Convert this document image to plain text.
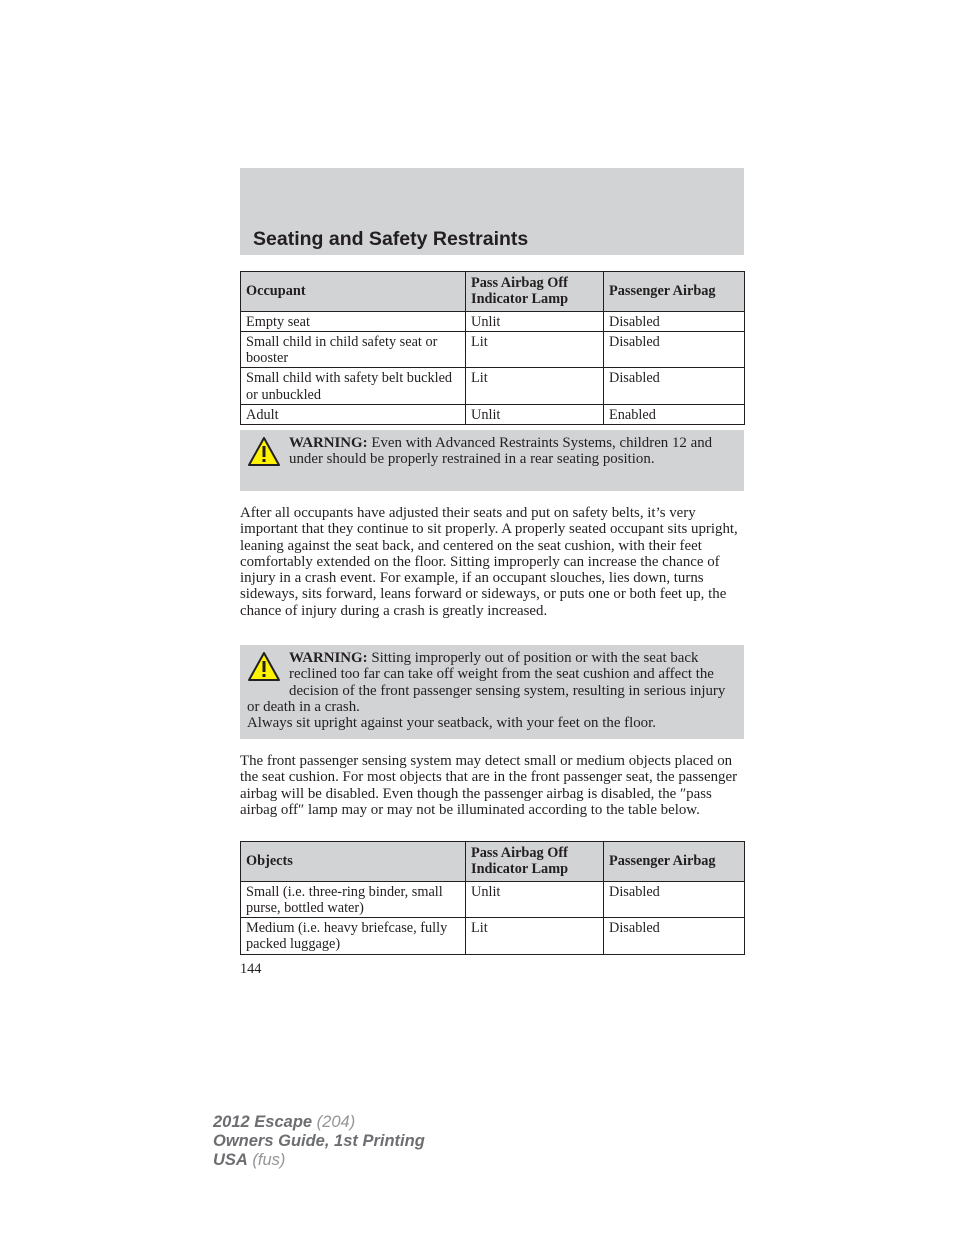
Seating and Safety Restraints
Occupant	Pass Airbag Off Indicator Lamp	Passenger Airbag
Empty seat	Unlit	Disabled
Small child in child safety seat or booster	Lit	Disabled
Small child with safety belt buckled or unbuckled	Lit	Disabled
Adult	Unlit	Enabled

WARNING: Even with Advanced Restraints Systems, children 12 and under should be properly restrained in a rear seating position.

After all occupants have adjusted their seats and put on safety belts, it’s very important that they continue to sit properly. A properly seated occupant sits upright, leaning against the seat back, and centered on the seat cushion, with their feet comfortably extended on the floor. Sitting improperly can increase the chance of injury in a crash event. For example, if an occupant slouches, lies down, turns sideways, sits forward, leans forward or sideways, or puts one or both feet up, the chance of injury during a crash is greatly increased.

WARNING: Sitting improperly out of position or with the seat back reclined too far can take off weight from the seat cushion and affect the decision of the front passenger sensing system, resulting in serious injury or death in a crash.

Always sit upright against your seatback, with your feet on the floor.

The front passenger sensing system may detect small or medium objects placed on the seat cushion. For most objects that are in the front passenger seat, the passenger airbag will be disabled. Even though the passenger airbag is disabled, the ″pass airbag off″ lamp may or may not be illuminated according to the table below.

Objects	Pass Airbag Off Indicator Lamp	Passenger Airbag
Small (i.e. three-ring binder, small purse, bottled water)	Unlit	Disabled
Medium (i.e. heavy briefcase, fully packed luggage)	Lit	Disabled
144
2012 Escape (204)
Owners Guide, 1st Printing
USA (fus)
